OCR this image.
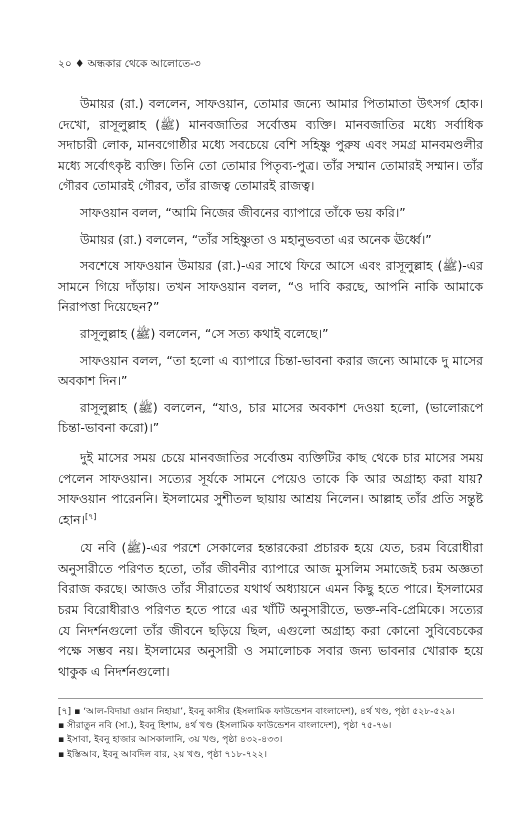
২০ ♦ অন্ধকার থেকে আলোতে-৩

উমায়র (রা.) বললেন, সাফওয়ান, তোমার জন্যে আমার পিতামাতা উৎসর্গ হোক। দেখো, রাসূলুল্লাহ (ﷺ) মানবজাতির সর্বোত্তম ব্যক্তি। মানবজাতির মধ্যে সর্বাধিক সদাচারী লোক, মানবগোষ্ঠীর মধ্যে সবচেয়ে বেশি সহিষ্ণু পুরুষ এবং সমগ্র মানবমণ্ডলীর মধ্যে সর্বোৎকৃষ্ট ব্যক্তি। তিনি তো তোমার পিতৃব্য-পুত্র। তাঁর সম্মান তোমারই সম্মান। তাঁর গৌরব তোমারই গৌরব, তাঁর রাজত্ব তোমারই রাজত্ব।

সাফওয়ান বলল, “আমি নিজের জীবনের ব্যাপারে তাঁকে ভয় করি।”

উমায়র (রা.) বললেন, “তাঁর সহিষ্ণুতা ও মহানুভবতা এর অনেক ঊর্ধ্বে।”

সবশেষে সাফওয়ান উমায়র (রা.)-এর সাথে ফিরে আসে এবং রাসূলুল্লাহ (ﷺ)-এর সামনে গিয়ে দাঁড়ায়। তখন সাফওয়ান বলল, “ও দাবি করছে, আপনি নাকি আমাকে নিরাপত্তা দিয়েছেন?”

রাসূলুল্লাহ (ﷺ) বললেন, “সে সত্য কথাই বলেছে।”

সাফওয়ান বলল, “তা হলো এ ব্যাপারে চিন্তা-ভাবনা করার জন্যে আমাকে দু মাসের অবকাশ দিন।”

রাসূলুল্লাহ (ﷺ) বললেন, “যাও, চার মাসের অবকাশ দেওয়া হলো, (ভালোরূপে চিন্তা-ভাবনা করো)।”

দুই মাসের সময় চেয়ে মানবজাতির সর্বোত্তম ব্যক্তিটির কাছ থেকে চার মাসের সময় পেলেন সাফওয়ান। সত্যের সূর্যকে সামনে পেয়েও তাকে কি আর অগ্রাহ্য করা যায়? সাফওয়ান পারেননি। ইসলামের সুশীতল ছায়ায় আশ্রয় নিলেন। আল্লাহ তাঁর প্রতি সন্তুষ্ট হোন।[৭]

যে নবি (ﷺ)-এর পরশে সেকালের হন্তারকেরা প্রচারক হয়ে যেত, চরম বিরোধীরা অনুসারীতে পরিণত হতো, তাঁর জীবনীর ব্যাপারে আজ মুসলিম সমাজেই চরম অজ্ঞতা বিরাজ করছে। আজও তাঁর সীরাতের যথার্থ অধ্যায়নে এমন কিছু হতে পারে। ইসলামের চরম বিরোধীরাও পরিণত হতে পারে এর খাঁটি অনুসারীতে, ভক্ত-নবি-প্রেমিকে। সত্যের যে নিদর্শনগুলো তাঁর জীবনে ছড়িয়ে ছিল, এগুলো অগ্রাহ্য করা কোনো সুবিবেচকের পক্ষে সম্ভব নয়। ইসলামের অনুসারী ও সমালোচক সবার জন্য ভাবনার খোরাক হয়ে থাকুক এ নিদর্শনগুলো।

[৭] ▪ ‘আল-বিদায়া ওয়ান নিহায়া’, ইবনু কাসীর (ইসলামিক ফাউন্ডেশন বাংলাদেশ), ৪র্থ খণ্ড, পৃষ্ঠা ৫২৮-৫২৯।
▪ সীরাতুন নবি (সা.), ইবনু হিশাম, ৪র্থ খণ্ড (ইসলামিক ফাউন্ডেশন বাংলাদেশ), পৃষ্ঠা ৭৫-৭৬।
▪ ইসাবা, ইবনু হাজার আসকালানি, ৩য় খণ্ড, পৃষ্ঠা ৪৩২-৪৩৩।
▪ ইস্তিআব, ইবনু আবদিল বার, ২য় খণ্ড, পৃষ্ঠা ৭১৮-৭২২।
